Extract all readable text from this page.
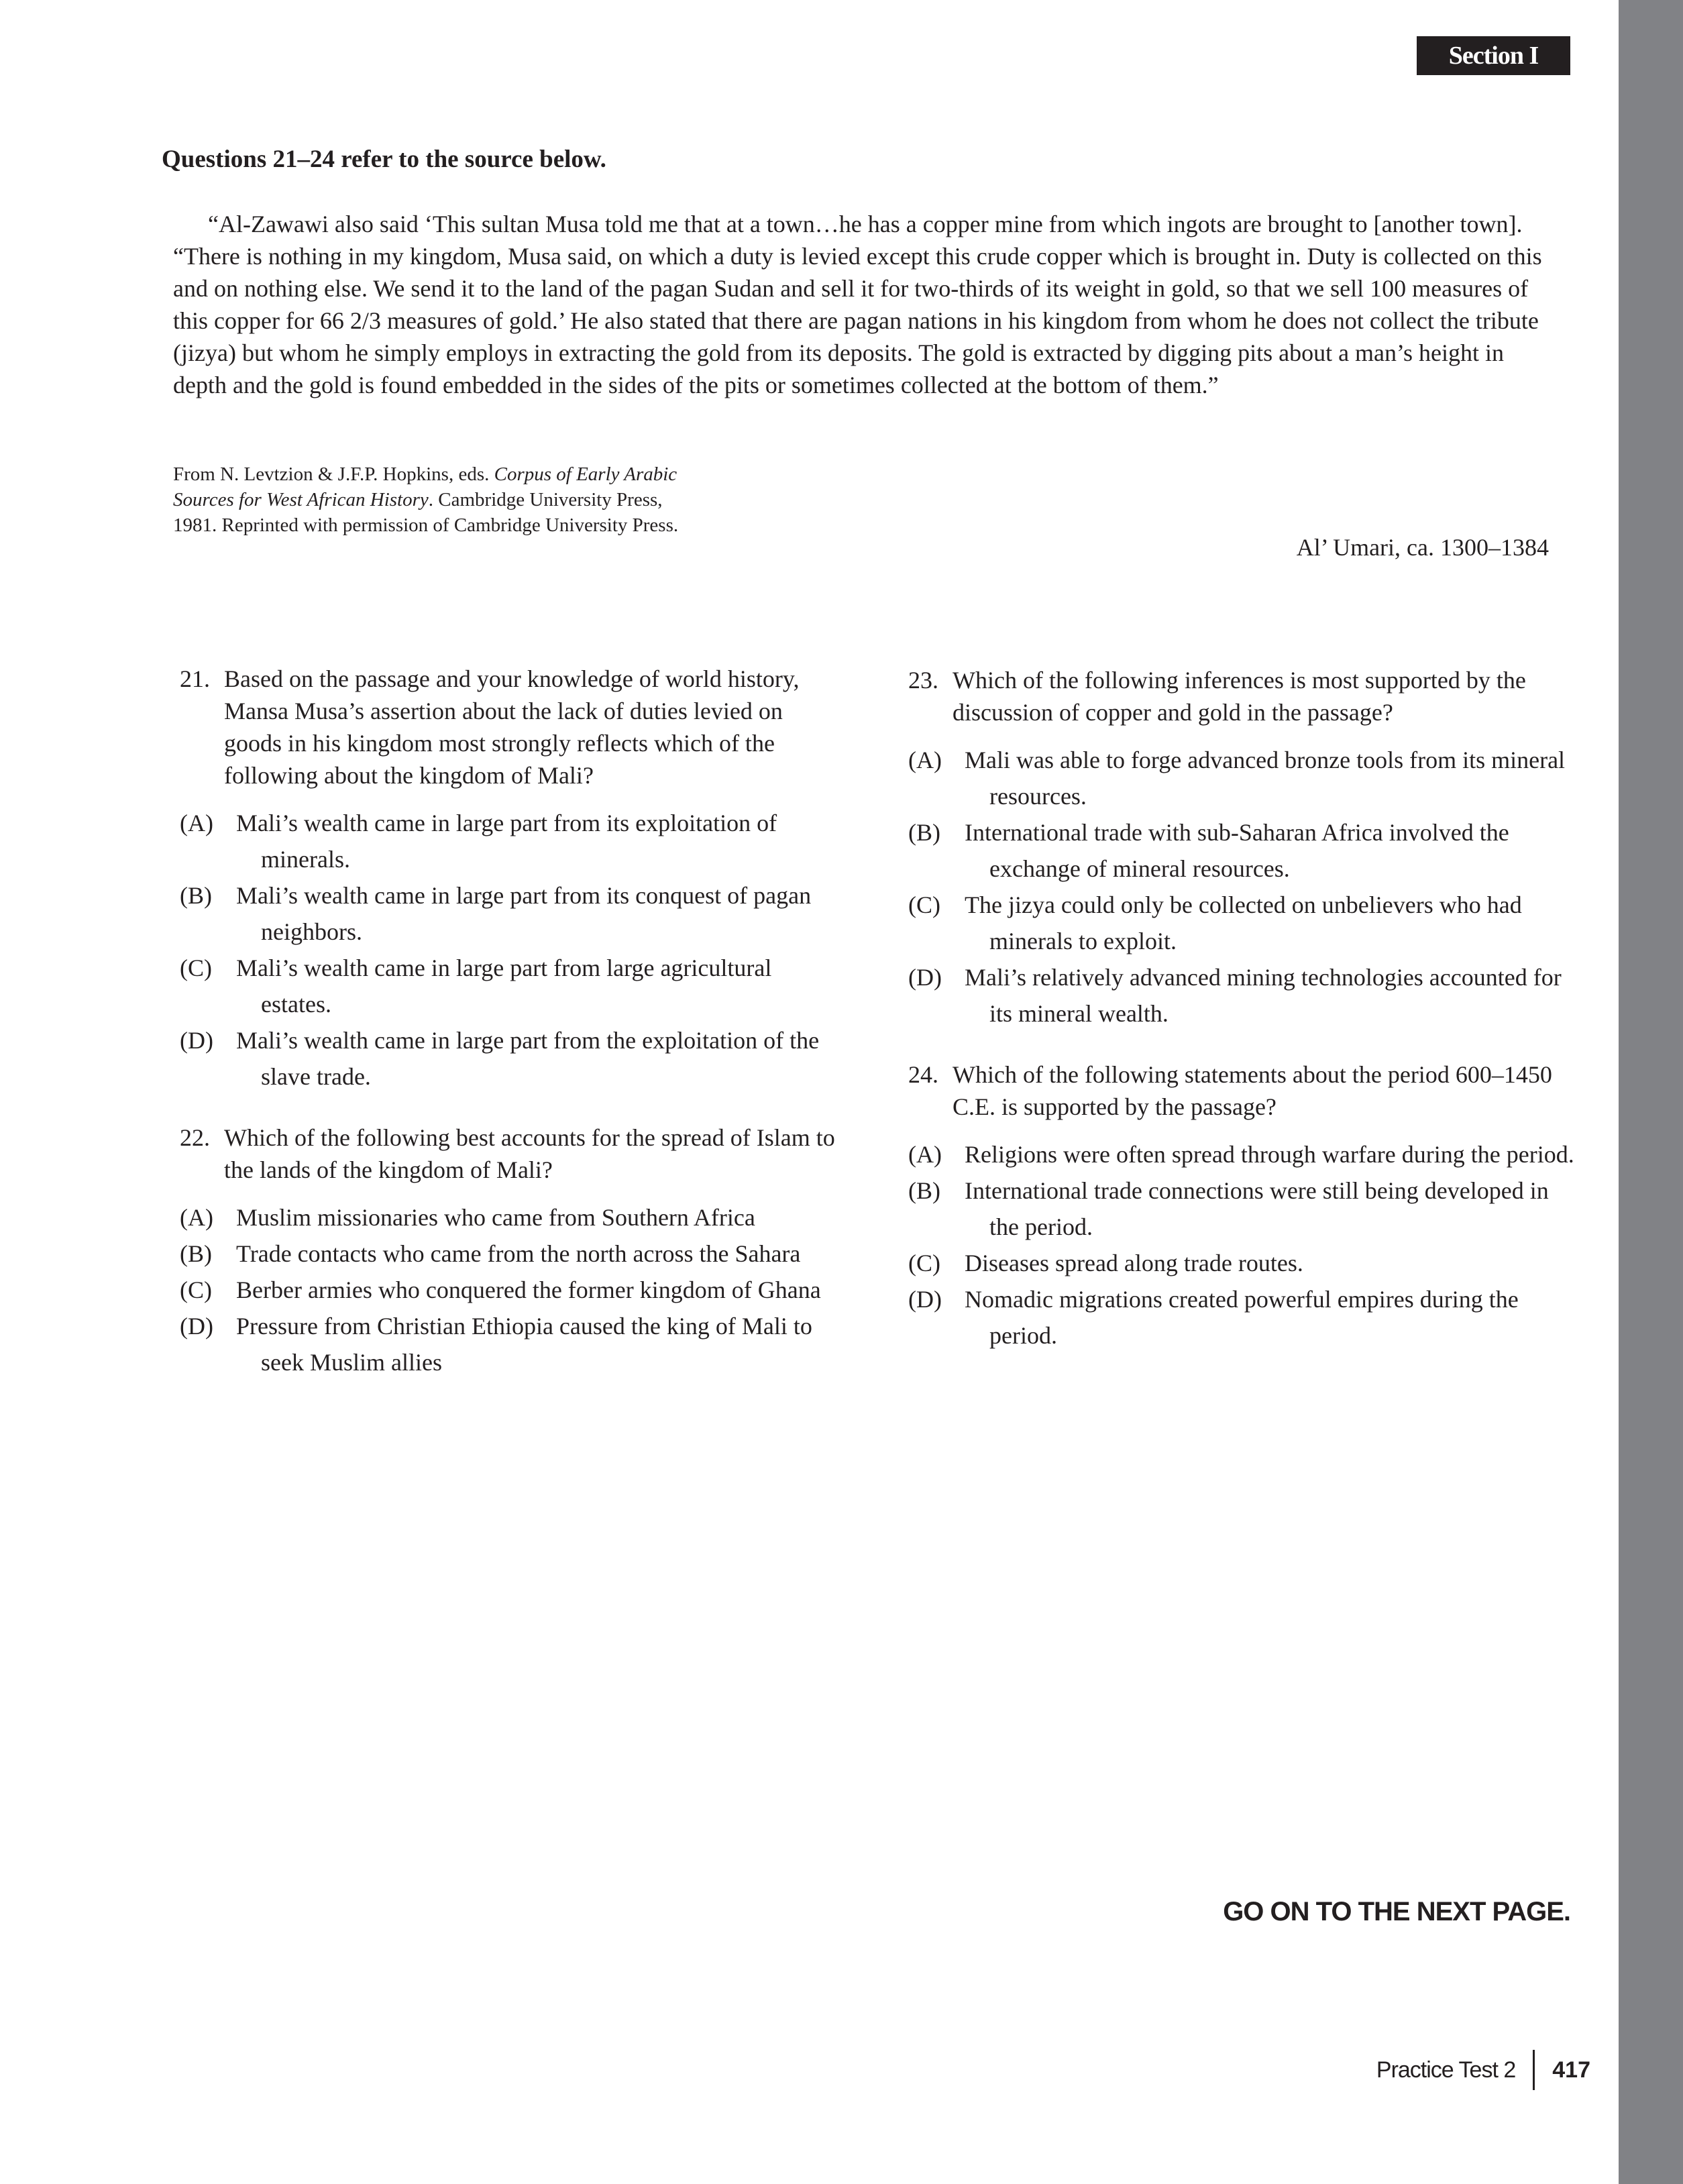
Section I
Questions 21–24 refer to the source below.
“Al-Zawawi also said ‘This sultan Musa told me that at a town…he has a copper mine from which ingots are brought to [another town]. “There is nothing in my kingdom, Musa said, on which a duty is levied except this crude copper which is brought in. Duty is collected on this and on nothing else. We send it to the land of the pagan Sudan and sell it for two-thirds of its weight in gold, so that we sell 100 measures of this copper for 66 2/3 measures of gold.’ He also stated that there are pagan nations in his kingdom from whom he does not collect the tribute (jizya) but whom he simply employs in extracting the gold from its deposits. The gold is extracted by digging pits about a man’s height in depth and the gold is found embedded in the sides of the pits or sometimes collected at the bottom of them.”
From N. Levtzion & J.F.P. Hopkins, eds. Corpus of Early Arabic Sources for West African History. Cambridge University Press, 1981. Reprinted with permission of Cambridge University Press.
Al’ Umari, ca. 1300–1384
21. Based on the passage and your knowledge of world history, Mansa Musa’s assertion about the lack of duties levied on goods in his kingdom most strongly reflects which of the following about the kingdom of Mali?
(A) Mali’s wealth came in large part from its exploitation of minerals.
(B)	Mali’s wealth came in large part from its conquest of pagan neighbors.
(C)	Mali’s wealth came in large part from large agricultural estates.
(D) Mali’s wealth came in large part from the exploitation of the slave trade.
22. Which of the following best accounts for the spread of Islam to the lands of the kingdom of Mali?
(A) Muslim missionaries who came from Southern Africa
(B)	Trade contacts who came from the north across the Sahara
(C)	Berber armies who conquered the former kingdom of Ghana
(D) Pressure from Christian Ethiopia caused the king of Mali to seek Muslim allies
23. Which of the following inferences is most supported by the discussion of copper and gold in the passage?
(A) Mali was able to forge advanced bronze tools from its mineral resources.
(B)	International trade with sub-Saharan Africa involved the exchange of mineral resources.
(C)	The jizya could only be collected on unbelievers who had minerals to exploit.
(D) Mali’s relatively advanced mining technologies accounted for its mineral wealth.
24. Which of the following statements about the period 600–1450 C.E. is supported by the passage?
(A) Religions were often spread through warfare during the period.
(B)	International trade connections were still being developed in the period.
(C)	Diseases spread along trade routes.
(D) Nomadic migrations created powerful empires during the period.
GO ON TO THE NEXT PAGE.
Practice Test 2 417
